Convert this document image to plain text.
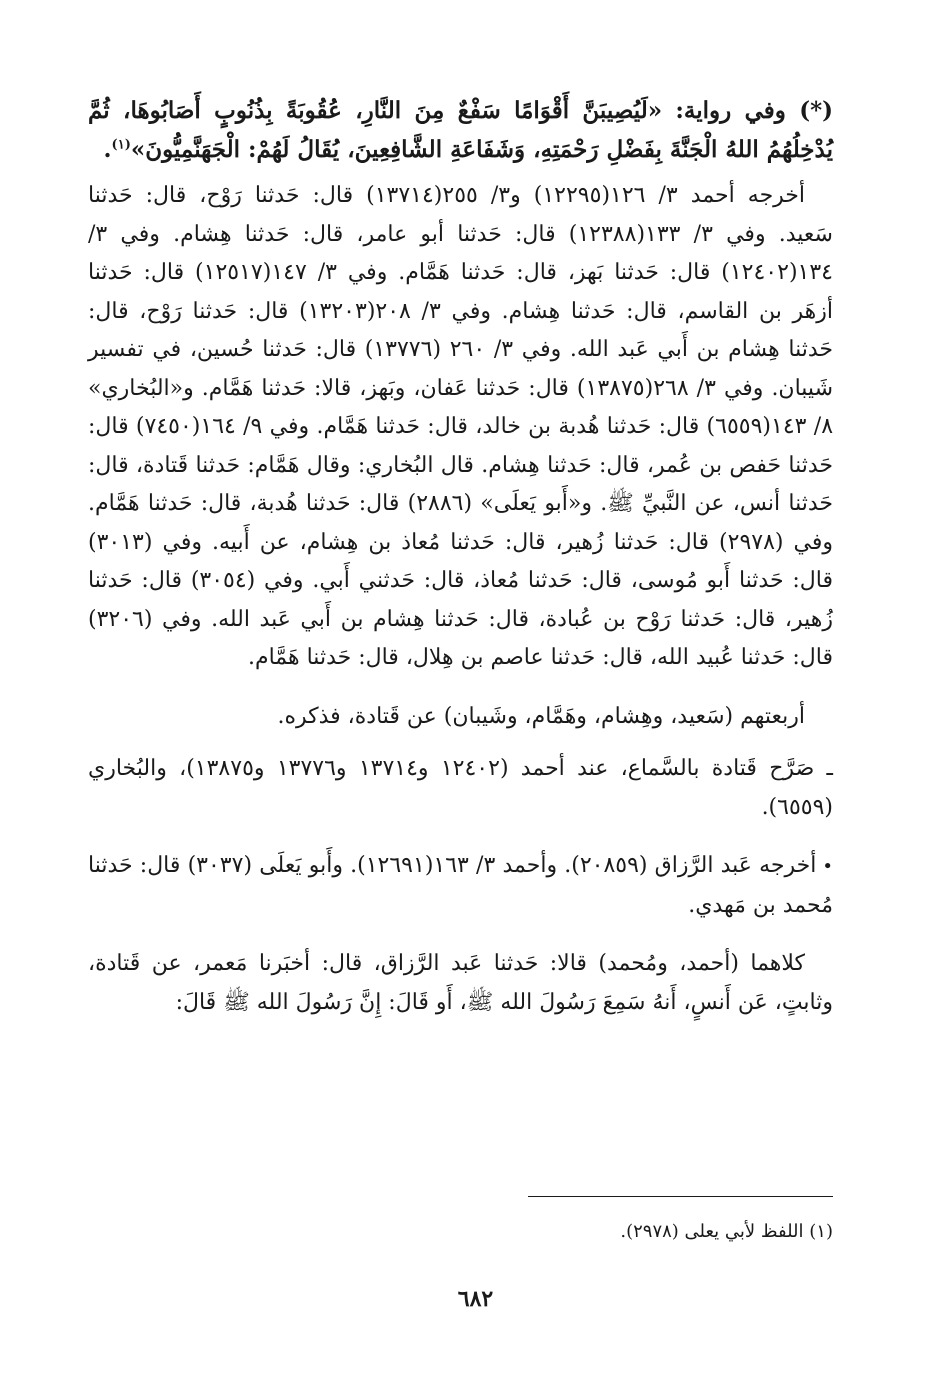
(*) وفي رواية: «لَيُصِيبَنَّ أَقْوَامًا سَفْعٌ مِنَ النَّارِ، عُقُوبَةً بِذُنُوبٍ أَصَابُوهَا، ثُمَّ يُدْخِلُهُمُ اللهُ الْجَنَّةَ بِفَضْلِ رَحْمَتِهِ، وَشَفَاعَةِ الشَّافِعِينَ، يُقَالُ لَهُمْ: الْجَهَنَّمِيُّونَ»$^{(١)}$.

أخرجه أحمد ٣/ ١٢٦(١٢٢٩٥) و٣/ ٢٥٥(١٣٧١٤) قال: حَدثنا رَوْح، قال: حَدثنا سَعيد. وفي ٣/ ١٣٣(١٢٣٨٨) قال: حَدثنا أبو عامر، قال: حَدثنا هِشام. وفي ٣/ ١٣٤(١٢٤٠٢) قال: حَدثنا بَهز، قال: حَدثنا هَمَّام. وفي ٣/ ١٤٧(١٢٥١٧) قال: حَدثنا أزهَر بن القاسم، قال: حَدثنا هِشام. وفي ٣/ ٢٠٨(١٣٢٠٣) قال: حَدثنا رَوْح، قال: حَدثنا هِشام بن أَبي عَبد الله. وفي ٣/ ٢٦٠ (١٣٧٧٦) قال: حَدثنا حُسين، في تفسير شَيبان. وفي ٣/ ٢٦٨(١٣٨٧٥) قال: حَدثنا عَفان، وبَهز، قالا: حَدثنا هَمَّام. و«البُخاري» ٨/ ١٤٣(٦٥٥٩) قال: حَدثنا هُدبة بن خالد، قال: حَدثنا هَمَّام. وفي ٩/ ١٦٤(٧٤٥٠) قال: حَدثنا حَفص بن عُمر، قال: حَدثنا هِشام. قال البُخاري: وقال هَمَّام: حَدثنا قَتادة، قال: حَدثنا أنس، عن النَّبيِّ ﷺ. و«أَبو يَعلَى» (٢٨٨٦) قال: حَدثنا هُدبة، قال: حَدثنا هَمَّام. وفي (٢٩٧٨) قال: حَدثنا زُهير، قال: حَدثنا مُعاذ بن هِشام، عن أَبيه. وفي (٣٠١٣) قال: حَدثنا أَبو مُوسى، قال: حَدثنا مُعاذ، قال: حَدثني أَبي. وفي (٣٠٥٤) قال: حَدثنا زُهير، قال: حَدثنا رَوْح بن عُبادة، قال: حَدثنا هِشام بن أَبي عَبد الله. وفي (٣٢٠٦) قال: حَدثنا عُبيد الله، قال: حَدثنا عاصم بن هِلال، قال: حَدثنا هَمَّام.

أربعتهم (سَعيد، وهِشام، وهَمَّام، وشَيبان) عن قَتادة، فذكره.

ـ صَرَّح قَتادة بالسَّماع، عند أحمد (١٢٤٠٢ و١٣٧١٤ و١٣٧٧٦ و١٣٨٧٥)، والبُخاري (٦٥٥٩).

•أخرجه عَبد الرَّزاق (٢٠٨٥٩). وأحمد ٣/ ١٦٣(١٢٦٩١). وأَبو يَعلَى (٣٠٣٧) قال: حَدثنا مُحمد بن مَهدي.

كلاهما (أحمد، ومُحمد) قالا: حَدثنا عَبد الرَّزاق، قال: أخبَرنا مَعمر، عن قَتادة، وثابتٍ، عَن أَنسٍ، أَنهُ سَمِعَ رَسُولَ الله ﷺ، أَو قَالَ: إِنَّ رَسُولَ الله ﷺ قَالَ:

(١) اللفظ لأبي يعلى (٢٩٧٨).
٦٨٢
